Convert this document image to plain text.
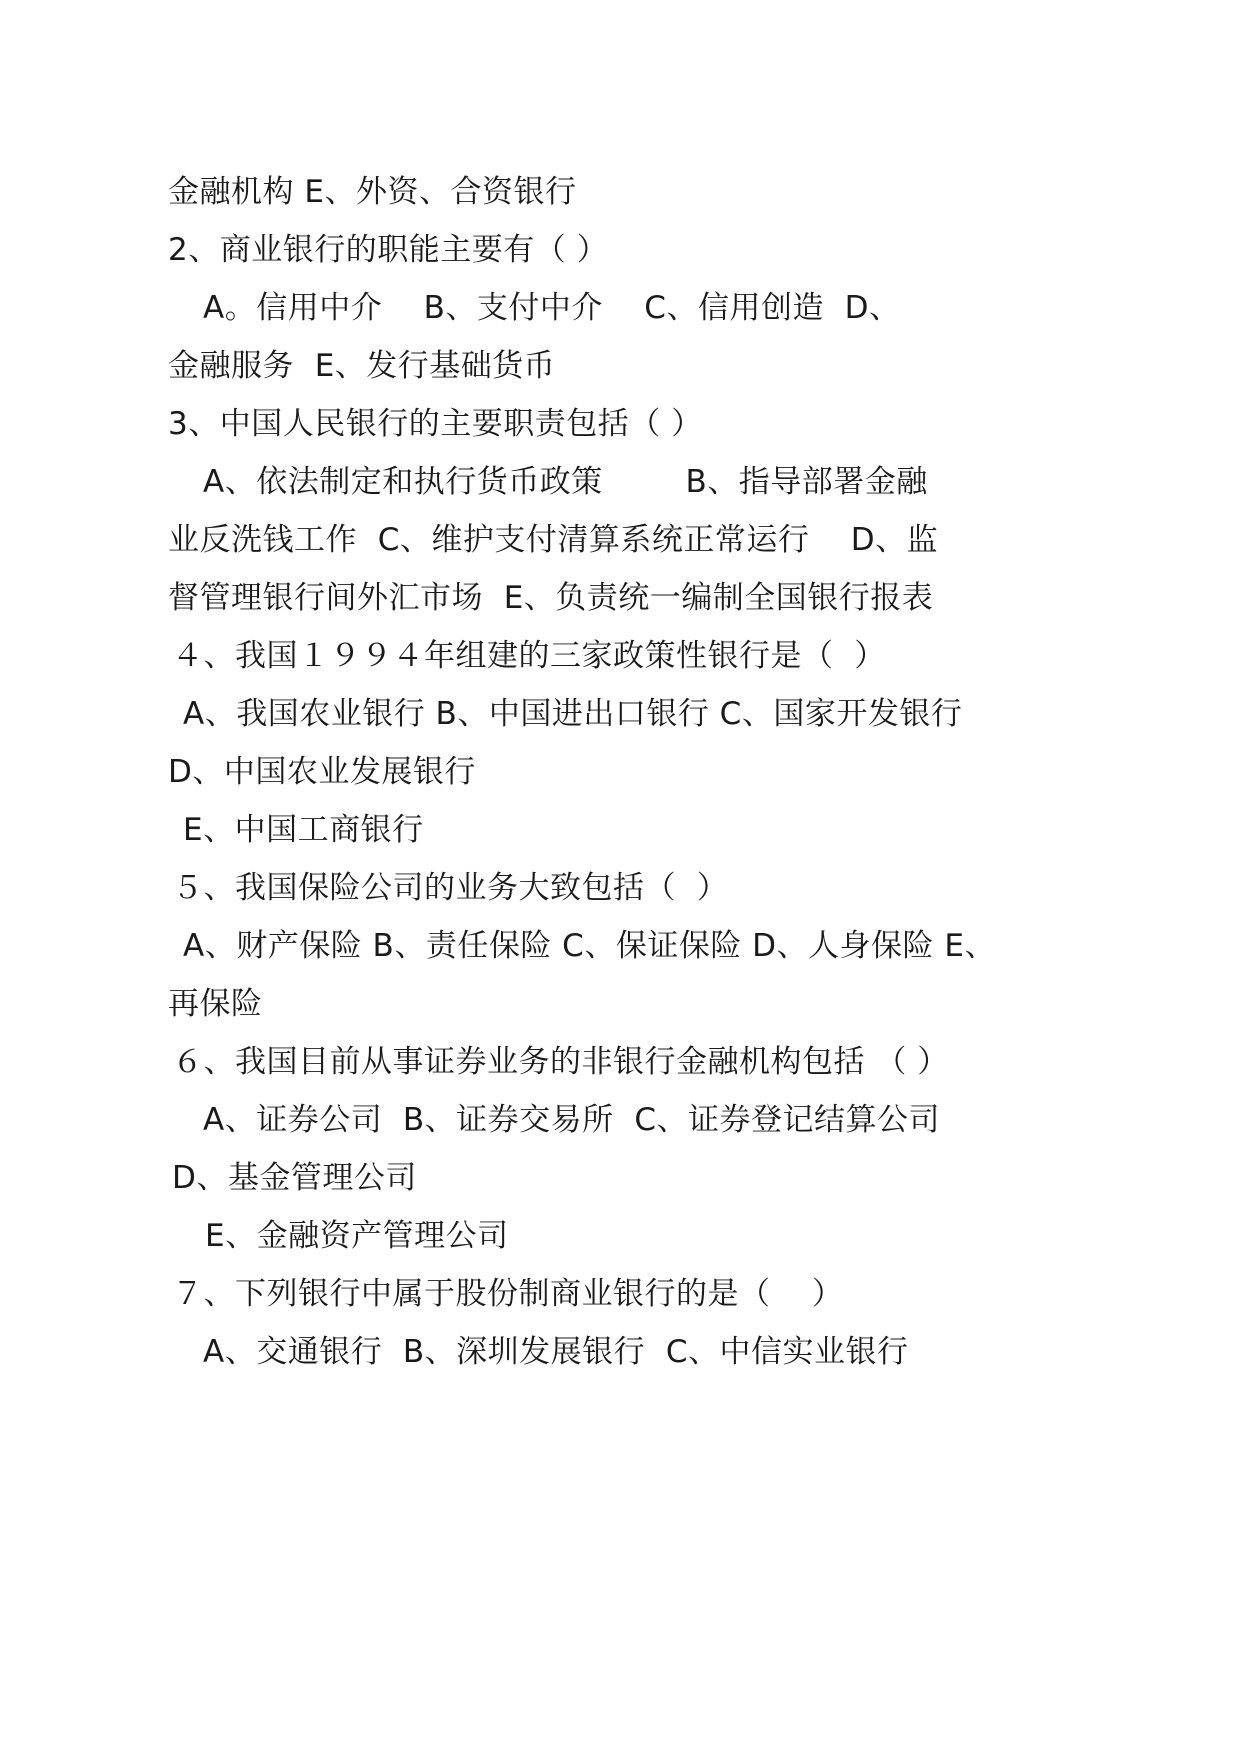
金融机构 E、外资、合资银行
2、商业银行的职能主要有（ ）
A。信用中介    B、支付中介    C、信用创造  D、
金融服务  E、发行基础货币
3、中国人民银行的主要职责包括（ ）
A、依法制定和执行货币政策        B、指导部署金融
业反洗钱工作  C、维护支付清算系统正常运行    D、监
督管理银行间外汇市场  E、负责统一编制全国银行报表
４、我国１９９４年组建的三家政策性银行是（  ）
A、我国农业银行 B、中国进出口银行 C、国家开发银行
D、中国农业发展银行
E、中国工商银行
５、我国保险公司的业务大致包括（  ）
A、财产保险 B、责任保险 C、保证保险 D、人身保险 E、
再保险
６、我国目前从事证券业务的非银行金融机构包括 （ ）
A、证券公司  B、证券交易所  C、证券登记结算公司
D、基金管理公司
E、金融资产管理公司
７、下列银行中属于股份制商业银行的是（    ）
A、交通银行  B、深圳发展银行  C、中信实业银行
